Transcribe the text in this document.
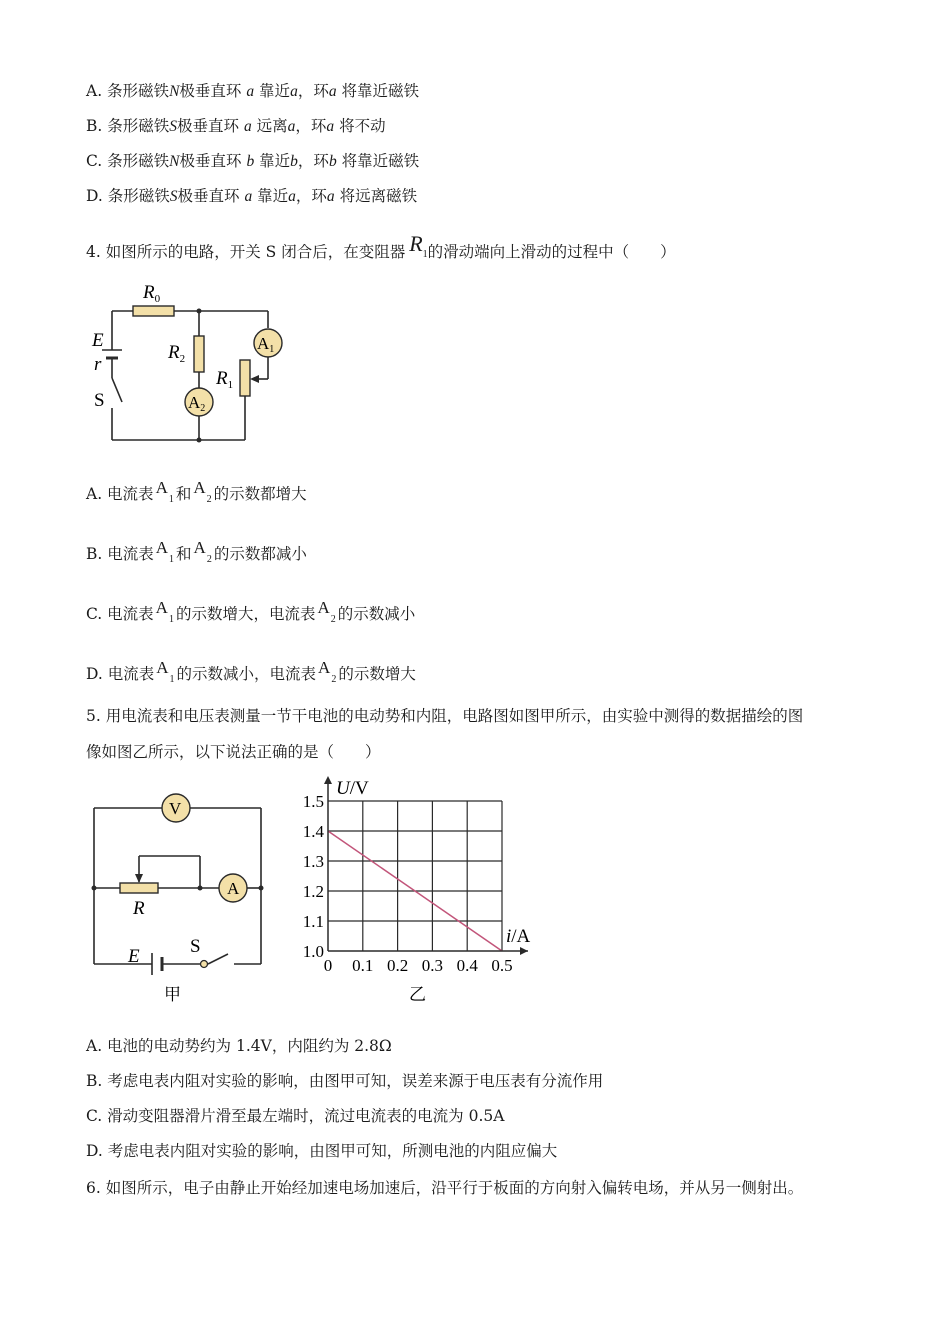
A. 条形磁铁N极垂直环 a 靠近a，环a 将靠近磁铁
B. 条形磁铁S极垂直环 a 远离a，环a 将不动
C. 条形磁铁N极垂直环 b 靠近b，环b 将靠近磁铁
D. 条形磁铁S极垂直环 a 靠近a，环a 将远离磁铁
4. 如图所示的电路，开关 S 闭合后，在变阻器 $R_1$的滑动端向上滑动的过程中（　　）
A1
A2
$R_0$
$R_2$
$R_1$
E
r
S
A. 电流表 $A_1$ 和 $A_2$ 的示数都增大
B. 电流表 $A_1$ 和 $A_2$ 的示数都减小
C. 电流表 $A_1$ 的示数增大，电流表 $A_2$ 的示数减小
D. 电流表 $A_1$ 的示数减小，电流表 $A_2$ 的示数增大
5. 用电流表和电压表测量一节干电池的电动势和内阻，电路图如图甲所示，由实验中测得的数据描绘的图
像如图乙所示，以下说法正确的是（　　）
V
A
R
E	S
甲
0 0.1 0.2 0.3 0.4 0.5
1.0
1.1
1.2
1.3
1.4
1.5
U/V
i/A
乙
A. 电池的电动势约为 1.4V，内阻约为 2.8Ω
B. 考虑电表内阻对实验的影响，由图甲可知，误差来源于电压表有分流作用
C. 滑动变阻器滑片滑至最左端时，流过电流表的电流为 0.5A
D. 考虑电表内阻对实验的影响，由图甲可知，所测电池的内阻应偏大
6. 如图所示，电子由静止开始经加速电场加速后，沿平行于板面的方向射入偏转电场，并从另一侧射出。
